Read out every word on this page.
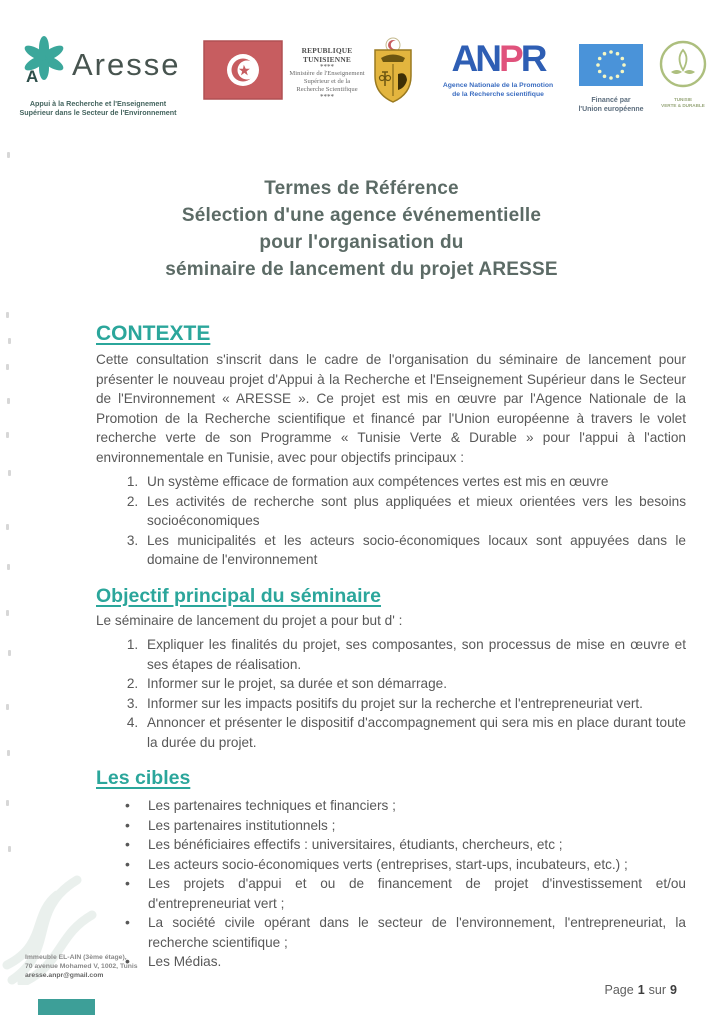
A Aresse
Appui à la Recherche et l'Enseignement
Supérieur dans le Secteur de l'Environnement
REPUBLIQUE TUNISIENNE
****
Ministère de l'Enseignement
Supérieur et de la
Recherche Scientifique
****
ANPR
Agence Nationale de la Promotion
de la Recherche scientifique
Financé par
l'Union européenne
TUNISIE
VERTE & DURABLE
Termes de Référence
Sélection d'une agence événementielle
pour l'organisation du
séminaire de lancement du projet ARESSE
CONTEXTE

Cette consultation s'inscrit dans le cadre de l'organisation du séminaire de lancement pour présenter le nouveau projet d'Appui à la Recherche et l'Enseignement Supérieur dans le Secteur de l'Environnement « ARESSE ». Ce projet est mis en œuvre par l'Agence Nationale de la Promotion de la Recherche scientifique et financé par l'Union européenne à travers le volet recherche verte de son Programme « Tunisie Verte & Durable » pour l'appui à l'action environnementale en Tunisie, avec pour objectifs principaux :

1. Un système efficace de formation aux compétences vertes est mis en œuvre
2. Les activités de recherche sont plus appliquées et mieux orientées vers les besoins socioéconomiques
3. Les municipalités et les acteurs socio-économiques locaux sont appuyées dans le domaine de l'environnement
Objectif principal du séminaire

Le séminaire de lancement du projet a pour but d' :

1. Expliquer les finalités du projet, ses composantes, son processus de mise en œuvre et ses étapes de réalisation.
2. Informer sur le projet, sa durée et son démarrage.
3. Informer sur les impacts positifs du projet sur la recherche et l'entrepreneuriat vert.
4. Annoncer et présenter le dispositif d'accompagnement qui sera mis en place durant toute la durée du projet.
Les cibles
• Les partenaires techniques et financiers ;
• Les partenaires institutionnels ;
• Les bénéficiaires effectifs : universitaires, étudiants, chercheurs, etc ;
• Les acteurs socio-économiques verts (entreprises, start-ups, incubateurs, etc.) ;
• Les projets d'appui et ou de financement de projet d'investissement et/ou d'entrepreneuriat vert ;
• La société civile opérant dans le secteur de l'environnement, l'entrepreneuriat, la recherche scientifique ;
• Les Médias.
Immeuble EL-AIN (3ème étage),
70 avenue Mohamed V, 1002, Tunis
aresse.anpr@gmail.com
Page 1 sur 9
